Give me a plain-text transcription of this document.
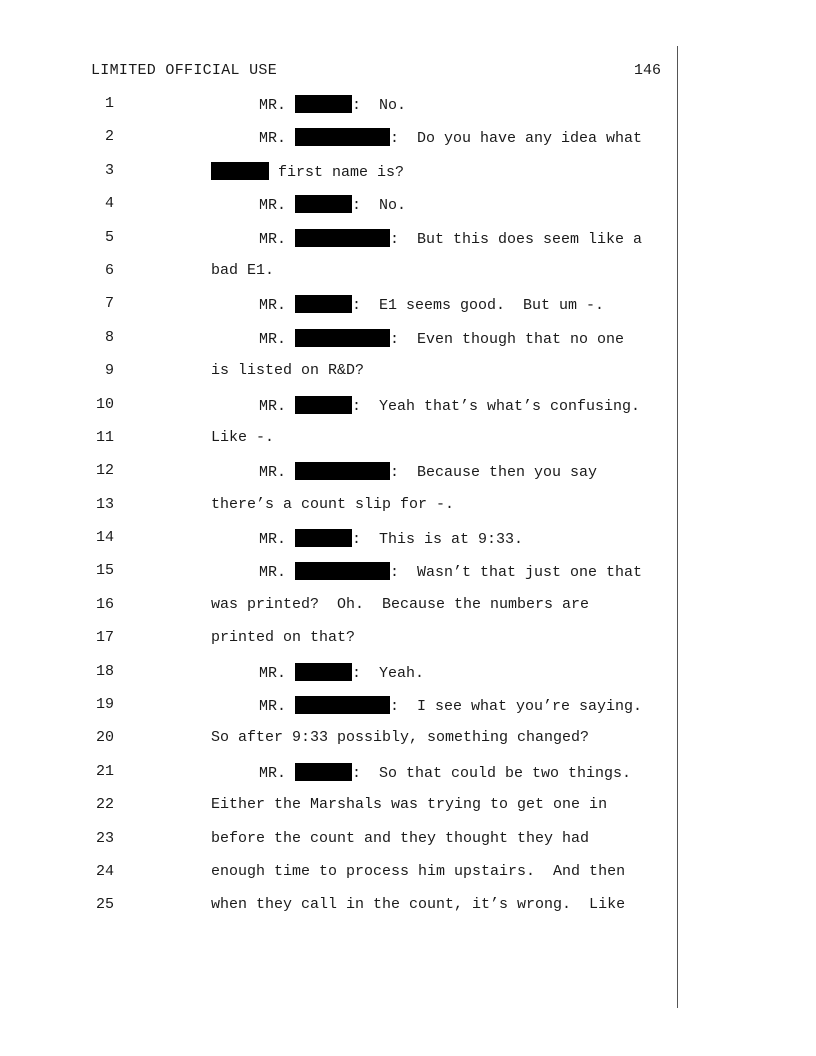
LIMITED OFFICIAL USE	146
1	MR.	:  No.
2	MR.	:  Do you have any idea what
3	first name is?
4	MR.	:  No.
5	MR.	:  But this does seem like a
6	bad E1.
7	MR.	:  E1 seems good.  But um -.
8	MR.	:  Even though that no one
9	is listed on R&D?
10	MR.	:  Yeah that’s what’s confusing.
11	Like -.
12	MR.	:  Because then you say
13	there’s a count slip for -.
14	MR.	:  This is at 9:33.
15	MR.	:  Wasn’t that just one that
16	was printed?  Oh.  Because the numbers are
17	printed on that?
18	MR.	:  Yeah.
19	MR.	:  I see what you’re saying.
20	So after 9:33 possibly, something changed?
21	MR.	:  So that could be two things.
22	Either the Marshals was trying to get one in
23	before the count and they thought they had
24	enough time to process him upstairs.  And then
25	when they call in the count, it’s wrong.  Like
